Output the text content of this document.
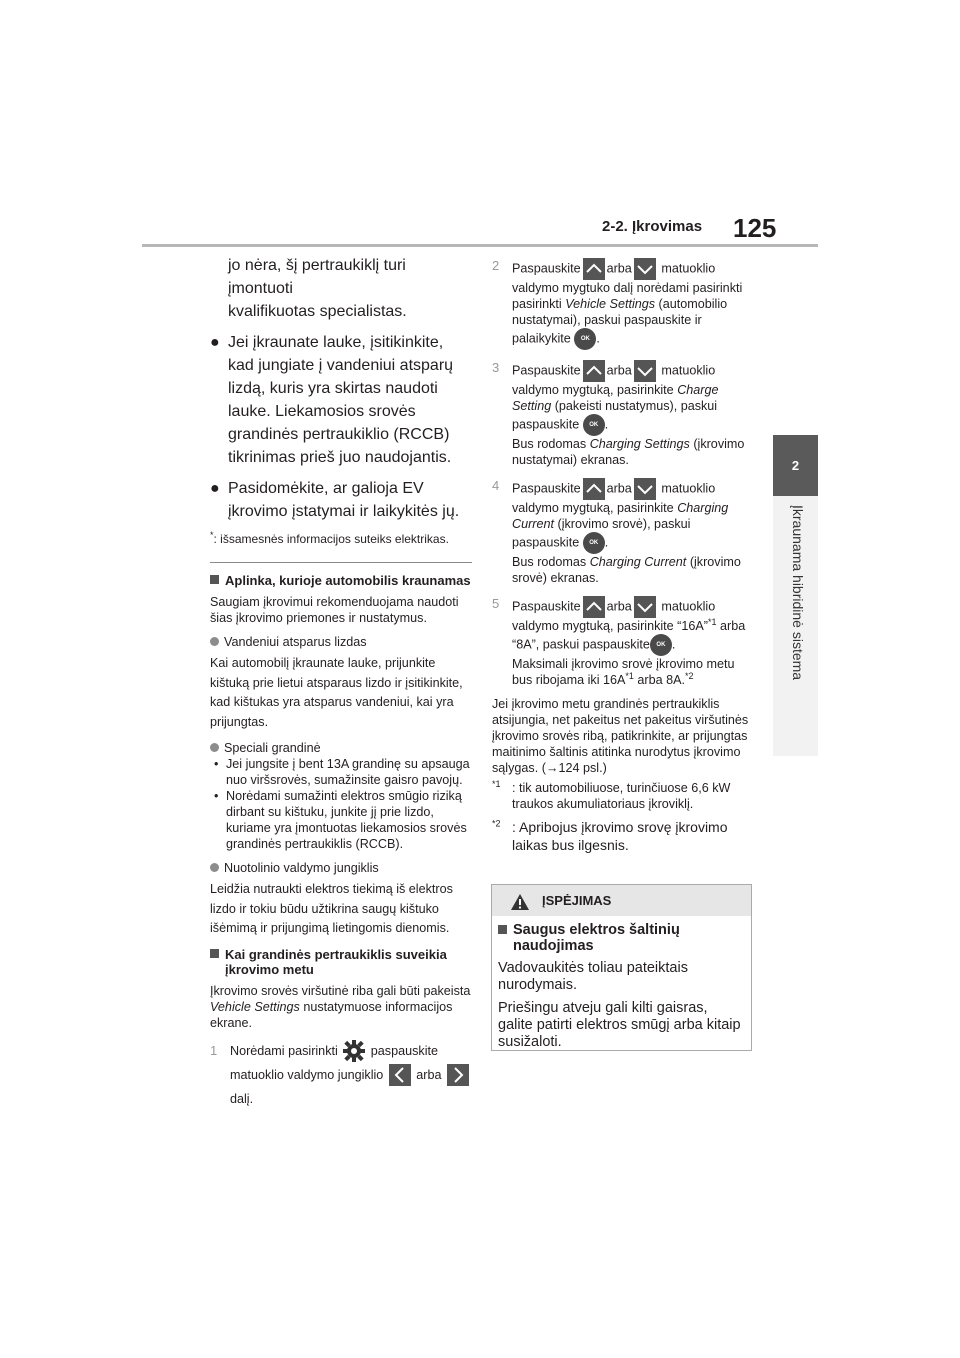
2-2. Įkrovimas 125
2
Įkraunama hibridinė sistema

jo nėra, šį pertraukiklį turi įmontuoti
kvalifikuotas specialistas.

● Jei įkraunate lauke, įsitikinkite, kad jungiate į vandeniui atsparų lizdą, kuris yra skirtas naudoti lauke. Liekamosios srovės grandinės pertraukiklio (RCCB) tikrinimas prieš juo naudojantis.
● Pasidomėkite, ar galioja EV įkrovimo įstatymai ir laikykitės jų.
*: išsamesnės informacijos suteiks elektrikas.
Aplinka, kurioje automobilis kraunamas

Saugiam įkrovimui rekomenduojama naudoti šias įkrovimo priemones ir nustatymus.

Vandeniui atsparus lizdas

Kai automobilį įkraunate lauke, prijunkite kištuką prie lietui atsparaus lizdo ir įsitikinkite, kad kištukas yra atsparus vandeniui, kai yra prijungtas.

Speciali grandinė
• Jei jungsite į bent 13A grandinę su apsauga nuo viršsrovės, sumažinsite gaisro pavojų.
• Norėdami sumažinti elektros smūgio riziką dirbant su kištuku, junkite jį prie lizdo, kuriame yra įmontuotas liekamosios srovės grandinės pertraukiklis (RCCB).
Nuotolinio valdymo jungiklis

Leidžia nutraukti elektros tiekimą iš elektros lizdo ir tokiu būdu užtikrina saugų kištuko išėmimą ir prijungimą lietingomis dienomis.

Kai grandinės pertraukiklis suveikia įkrovimo metu

Įkrovimo srovės viršutinė riba gali būti pakeista Vehicle Settings nustatymuose informacijos ekrane.

1 Norėdami pasirinkti	paspauskite matuoklio valdymo jungiklio	arba
dalį.
2 Paspauskite arba matuoklio valdymo mygtuko dalį norėdami pasirinkti pasirinkti Vehicle Settings (automobilio nustatymai), paskui paspauskite ir palaikykite OK .
3 Paspauskite arba matuoklio valdymo mygtuką, pasirinkite Charge Setting (pakeisti nustatymus), paskui paspauskite OK .
Bus rodomas Charging Settings (įkrovimo nustatymai) ekranas.
4 Paspauskite arba matuoklio valdymo mygtuką, pasirinkite Charging Current (įkrovimo srovė), paskui paspauskite OK .
Bus rodomas Charging Current (įkrovimo srovė) ekranas.
5 Paspauskite arba matuoklio valdymo mygtuką, pasirinkite “16A”$^{*1}$ arba “8A”, paskui paspauskite OK .
Maksimali įkrovimo srovė įkrovimo metu bus ribojama iki $16A^{*1}$ arba 8A.$^{*2}$

Jei įkrovimo metu grandinės pertraukiklis atsijungia, net pakeitus net pakeitus viršutinės įkrovimo srovės ribą, patikrinkite, ar prijungtas maitinimo šaltinis atitinka nurodytus įkrovimo sąlygas. (→124 psl.)

$^{*1}$ : tik automobiliuose, turinčiuose 6,6 kW traukos akumuliatoriaus įkroviklį.
$^{*2}$ : Apribojus įkrovimo srovę įkrovimo laikas bus ilgesnis.
ĮSPĖJIMAS
Saugus elektros šaltinių naudojimas

Vadovaukitės toliau pateiktais nurodymais.

Priešingu atveju gali kilti gaisras, galite patirti elektros smūgį arba kitaip susižaloti.
